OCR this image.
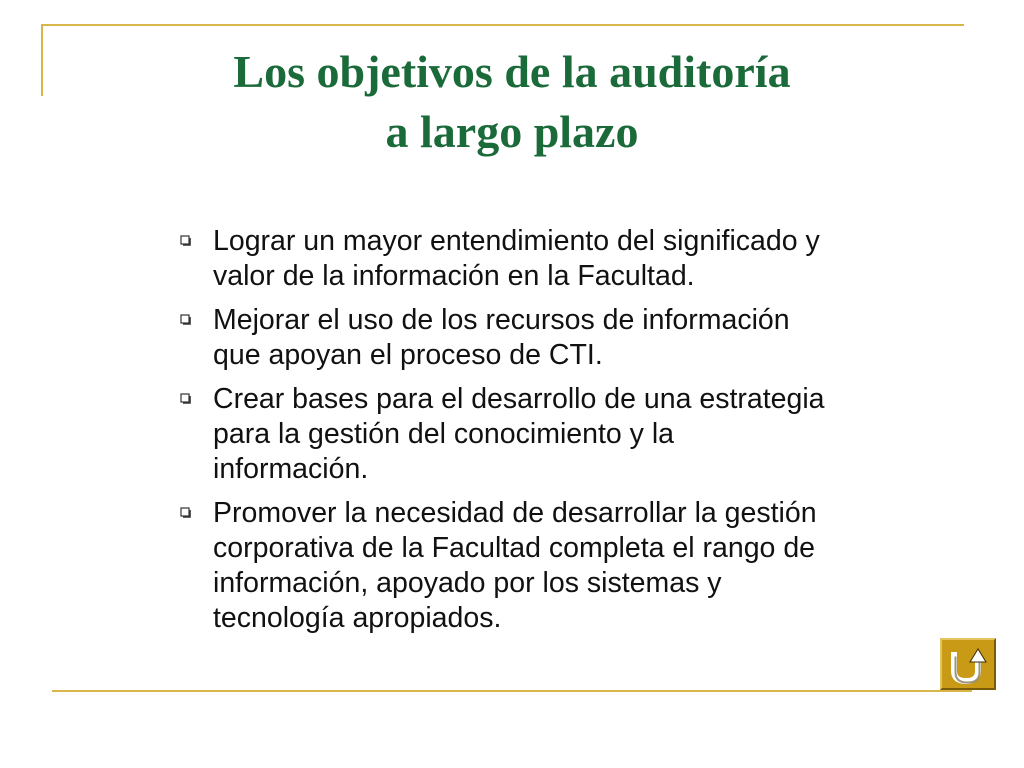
Los objetivos de la auditoría
a largo plazo
Lograr un mayor entendimiento del significado y
valor de la información en la Facultad.
Mejorar el uso de los recursos de información
que apoyan el proceso de CTI.
Crear bases para el desarrollo de una estrategia
para la gestión del conocimiento y la
información.
Promover la necesidad de desarrollar la gestión
corporativa de la Facultad completa el rango de
información, apoyado por los sistemas y
tecnología apropiados.
